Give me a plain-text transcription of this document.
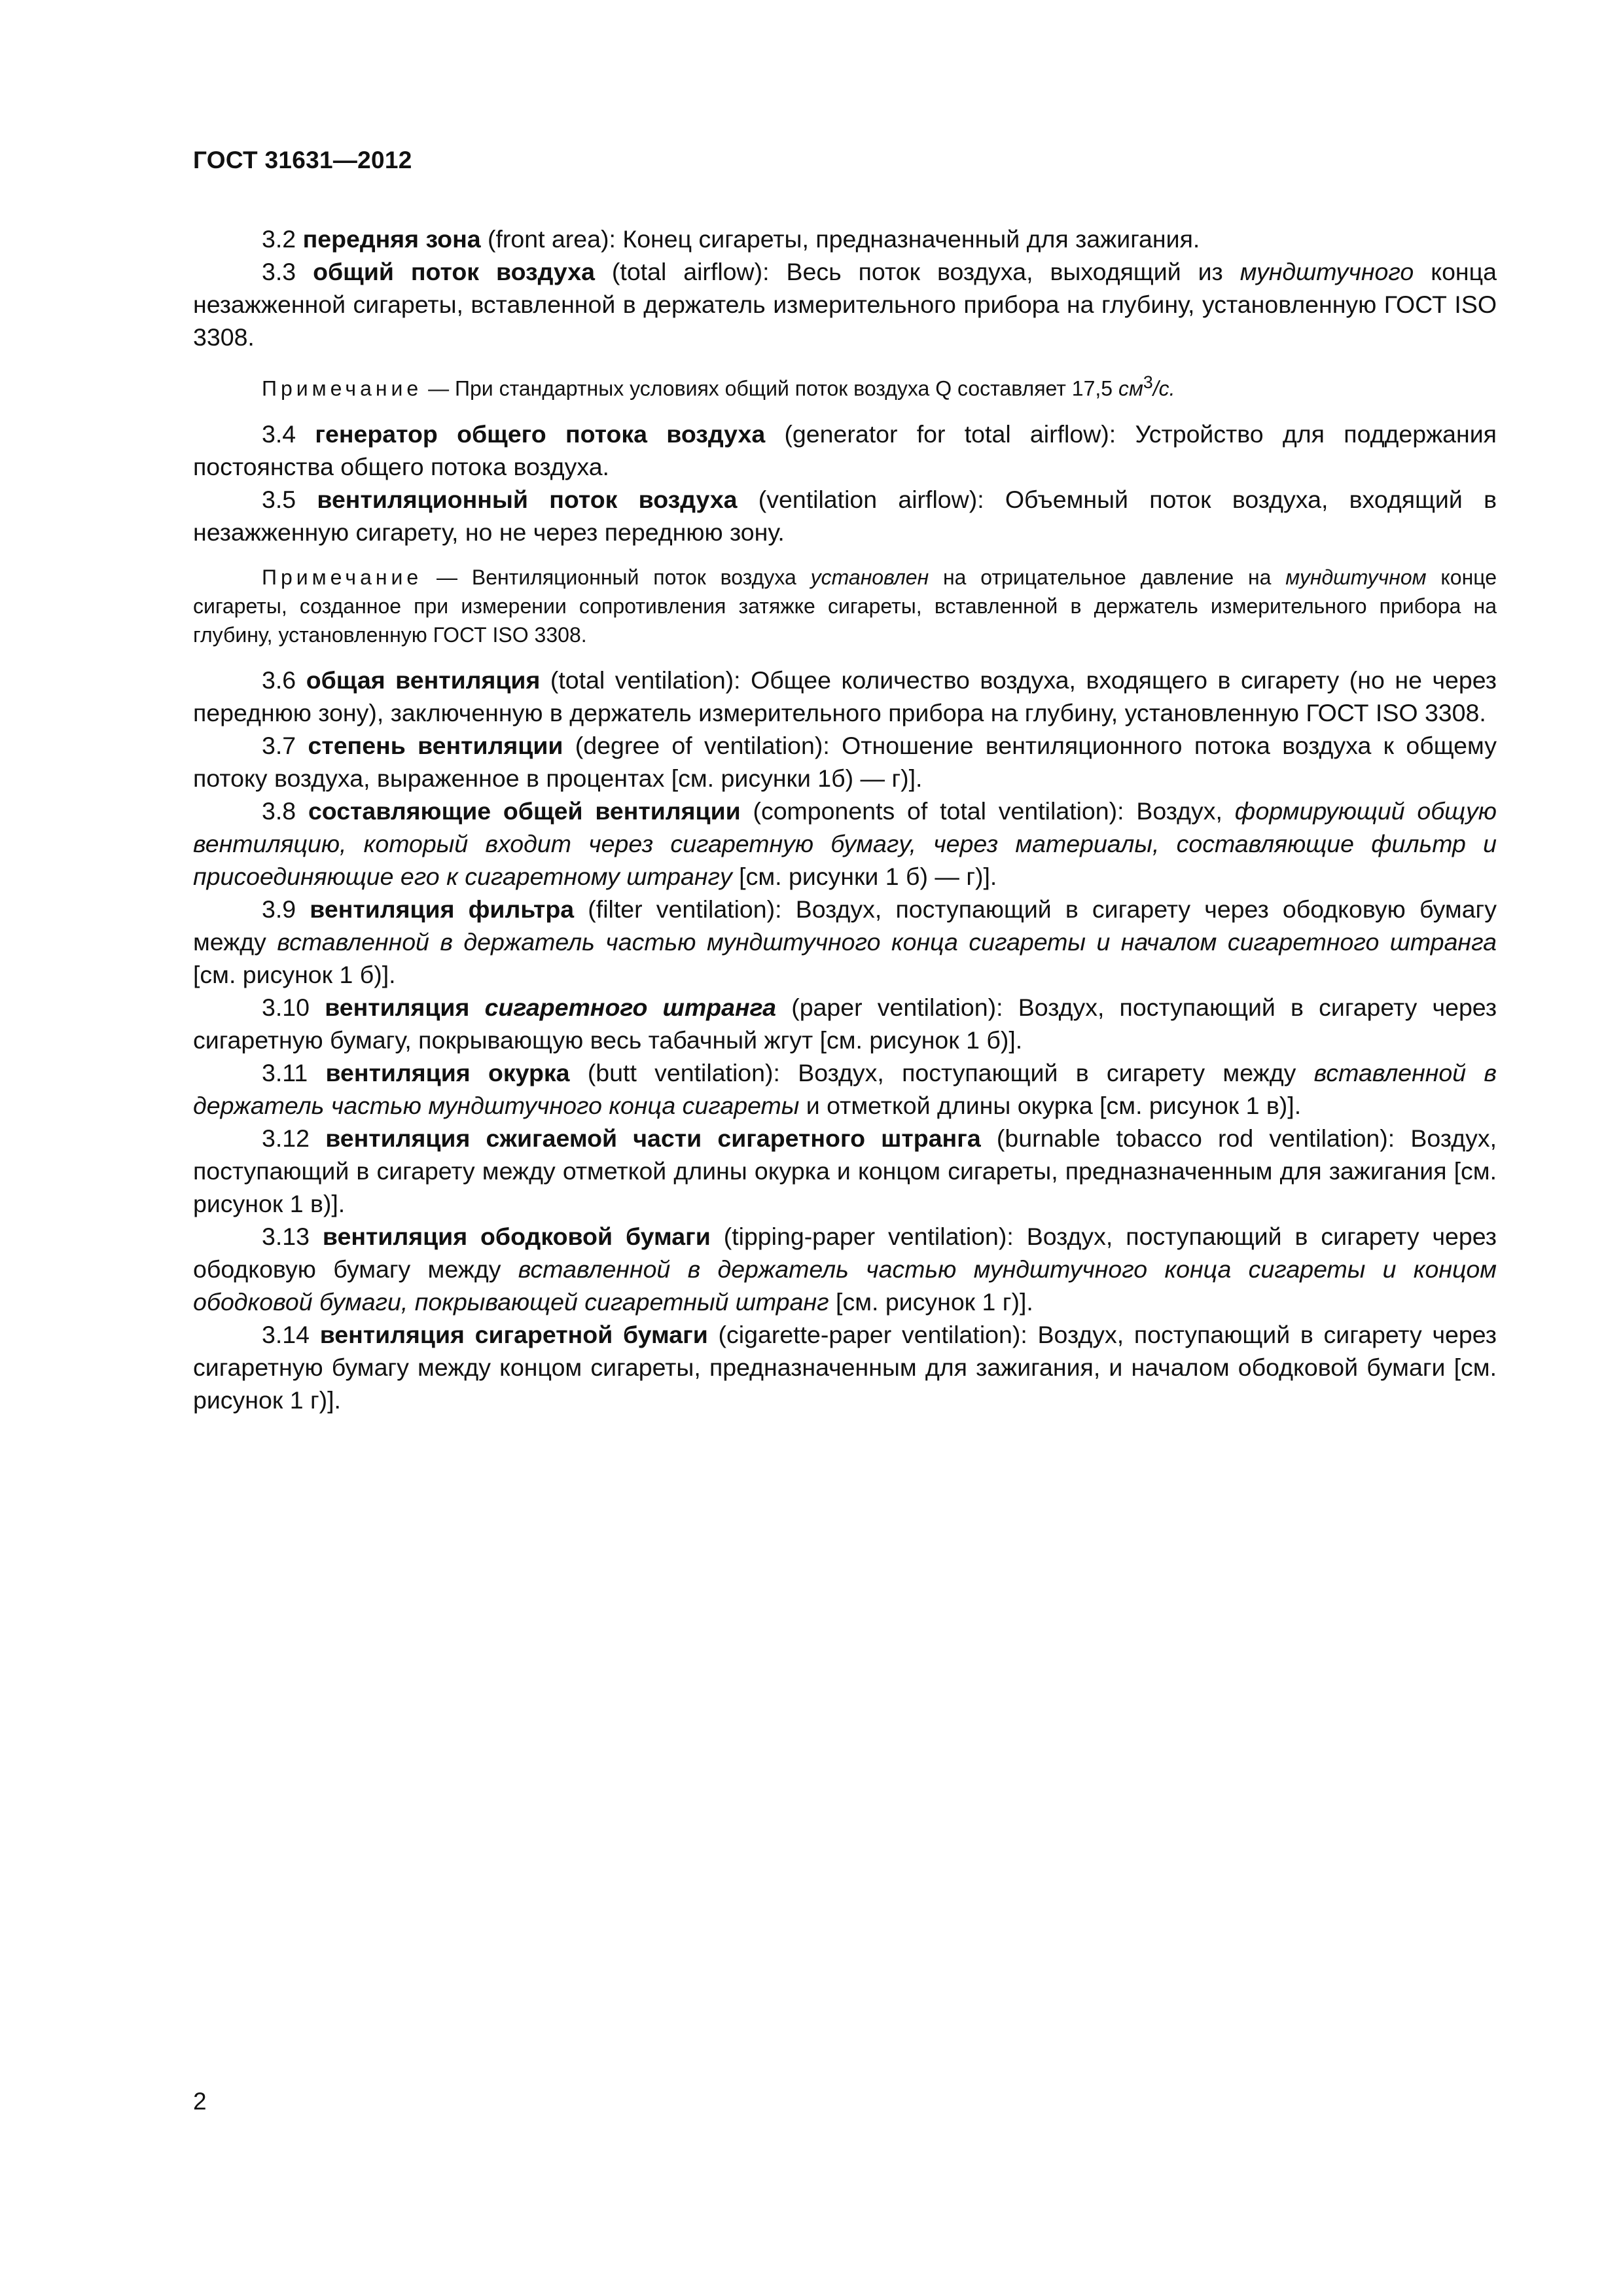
ГОСТ 31631—2012

3.2 передняя зона (front area): Конец сигареты, предназначенный для зажигания.

3.3 общий поток воздуха (total airflow): Весь поток воздуха, выходящий из мундштучного конца незажженной сигареты, вставленной в держатель измерительного прибора на глубину, установленную ГОСТ ISO 3308.

Примечание — При стандартных условиях общий поток воздуха Q составляет 17,5 $см^3/с$.

3.4 генератор общего потока воздуха (generator for total airflow): Устройство для поддержания постоянства общего потока воздуха.

3.5 вентиляционный поток воздуха (ventilation airflow): Объемный поток воздуха, входящий в незажженную сигарету, но не через переднюю зону.

Примечание — Вентиляционный поток воздуха установлен на отрицательное давление на мундштучном конце сигареты, созданное при измерении сопротивления затяжке сигареты, вставленной в держатель измерительного прибора на глубину, установленную ГОСТ ISO 3308.

3.6 общая вентиляция (total ventilation): Общее количество воздуха, входящего в сигарету (но не через переднюю зону), заключенную в держатель измерительного прибора на глубину, установленную ГОСТ ISO 3308.

3.7 степень вентиляции (degree of ventilation): Отношение вентиляционного потока воздуха к общему потоку воздуха, выраженное в процентах [см. рисунки 1б) — г)].

3.8 составляющие общей вентиляции (components of total ventilation): Воздух, формирующий общую вентиляцию, который входит через сигаретную бумагу, через материалы, составляющие фильтр и присоединяющие его к сигаретному штрангу [см. рисунки 1 б) — г)].

3.9 вентиляция фильтра (filter ventilation): Воздух, поступающий в сигарету через ободковую бумагу между вставленной в держатель частью мундштучного конца сигареты и началом сигаретного штранга [см. рисунок 1 б)].

3.10 вентиляция сигаретного штранга (paper ventilation): Воздух, поступающий в сигарету через сигаретную бумагу, покрывающую весь табачный жгут [см. рисунок 1 б)].

3.11 вентиляция окурка (butt ventilation): Воздух, поступающий в сигарету между вставленной в держатель частью мундштучного конца сигареты и отметкой длины окурка [см. рисунок 1 в)].

3.12 вентиляция сжигаемой части сигаретного штранга (burnable tobacco rod ventilation): Воздух, поступающий в сигарету между отметкой длины окурка и концом сигареты, предназначенным для зажигания [см. рисунок 1 в)].

3.13 вентиляция ободковой бумаги (tipping-paper ventilation): Воздух, поступающий в сигарету через ободковую бумагу между вставленной в держатель частью мундштучного конца сигареты и концом ободковой бумаги, покрывающей сигаретный штранг [см. рисунок 1 г)].

3.14 вентиляция сигаретной бумаги (cigarette-paper ventilation): Воздух, поступающий в сигарету через сигаретную бумагу между концом сигареты, предназначенным для зажигания, и началом ободковой бумаги [см. рисунок 1 г)].

2
